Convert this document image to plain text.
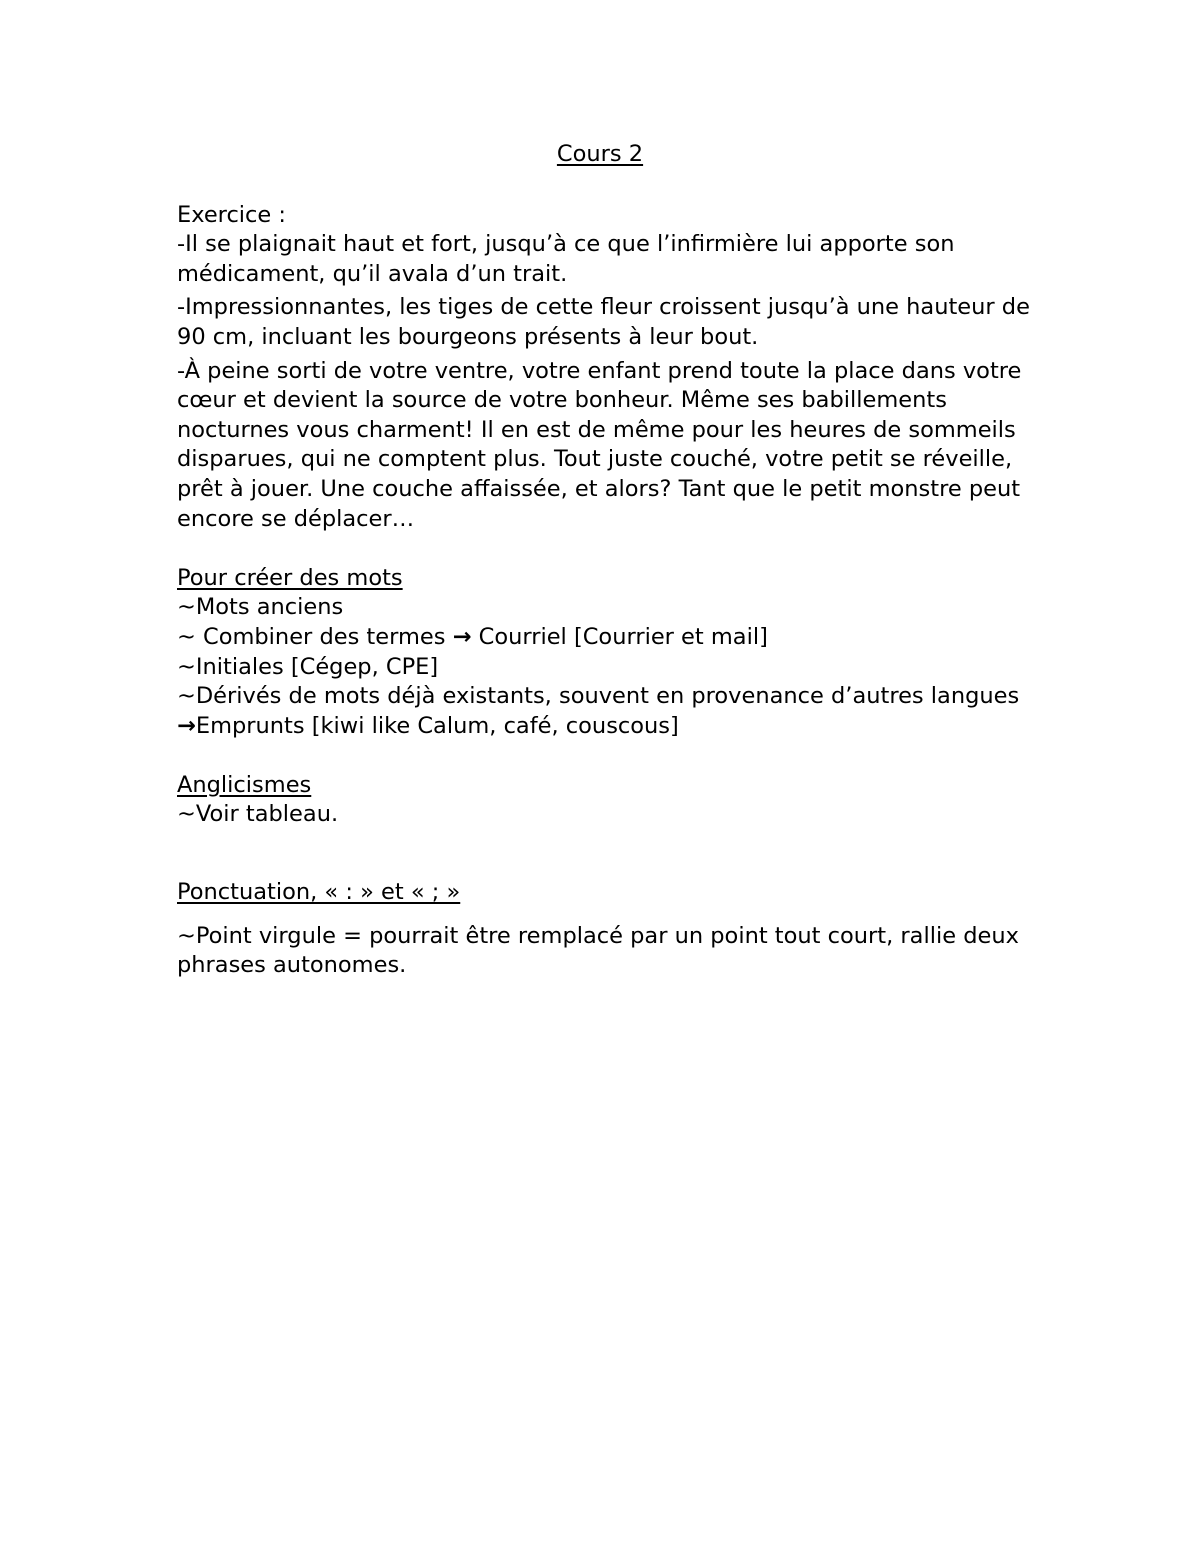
Cours 2

Exercice :

-Il se plaignait haut et fort, jusqu’à ce que l’infirmière lui apporte son médicament, qu’il avala d’un trait.

-Impressionnantes, les tiges de cette fleur croissent jusqu’à une hauteur de 90 cm, incluant les bourgeons présents à leur bout.

-À peine sorti de votre ventre, votre enfant prend toute la place dans votre cœur et devient la source de votre bonheur. Même ses babillements nocturnes vous charment! Il en est de même pour les heures de sommeils disparues, qui ne comptent plus. Tout juste couché, votre petit se réveille, prêt à jouer. Une couche affaissée, et alors? Tant que le petit monstre peut encore se déplacer…

Pour créer des mots

~Mots anciens

~ Combiner des termes → Courriel [Courrier et mail]

~Initiales [Cégep, CPE]

~Dérivés de mots déjà existants, souvent en provenance d’autres langues

→Emprunts [kiwi like Calum, café, couscous]

Anglicismes

~Voir tableau.

Ponctuation, « : » et « ; »

~Point virgule = pourrait être remplacé par un point tout court, rallie deux phrases autonomes.
